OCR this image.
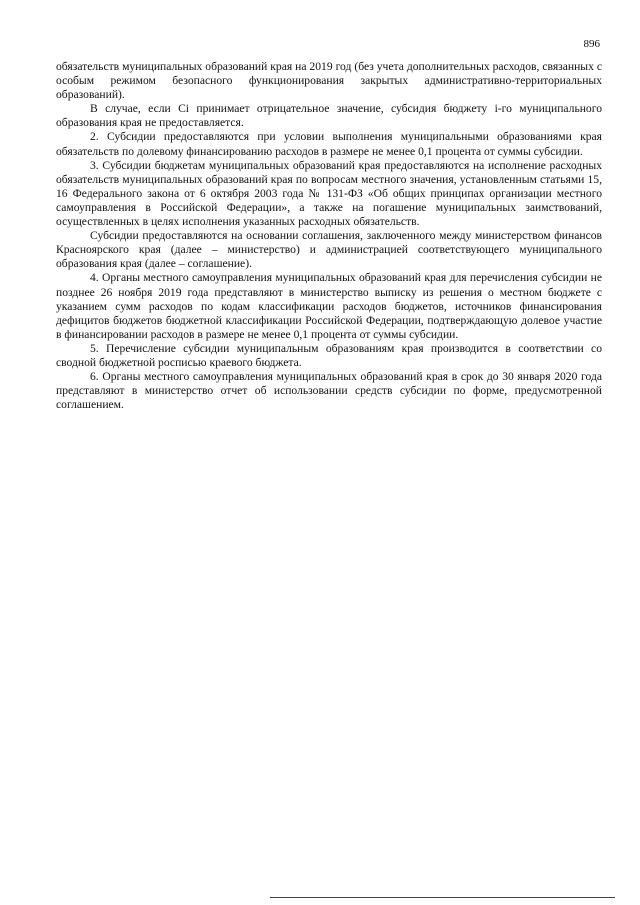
896

обязательств муниципальных образований края на 2019 год (без учета дополнительных расходов, связанных с особым режимом безопасного функционирования закрытых административно-территориальных образований).

В случае, если Ci принимает отрицательное значение, субсидия бюджету i-го муниципального образования края не предоставляется.

2. Субсидии предоставляются при условии выполнения муниципальными образованиями края обязательств по долевому финансированию расходов в размере не менее 0,1 процента от суммы субсидии.

3. Субсидии бюджетам муниципальных образований края предоставляются на исполнение расходных обязательств муниципальных образований края по вопросам местного значения, установленным статьями 15, 16 Федерального закона от 6 октября 2003 года № 131-ФЗ «Об общих принципах организации местного самоуправления в Российской Федерации», а также на погашение муниципальных заимствований, осуществленных в целях исполнения указанных расходных обязательств.

Субсидии предоставляются на основании соглашения, заключенного между министерством финансов Красноярского края (далее – министерство) и администрацией соответствующего муниципального образования края (далее – соглашение).

4. Органы местного самоуправления муниципальных образований края для перечисления субсидии не позднее 26 ноября 2019 года представляют в министерство выписку из решения о местном бюджете с указанием сумм расходов по кодам классификации расходов бюджетов, источников финансирования дефицитов бюджетов бюджетной классификации Российской Федерации, подтверждающую долевое участие в финансировании расходов в размере не менее 0,1 процента от суммы субсидии.

5. Перечисление субсидии муниципальным образованиям края производится в соответствии со сводной бюджетной росписью краевого бюджета.

6. Органы местного самоуправления муниципальных образований края в срок до 30 января 2020 года представляют в министерство отчет об использовании средств субсидии по форме, предусмотренной соглашением.
